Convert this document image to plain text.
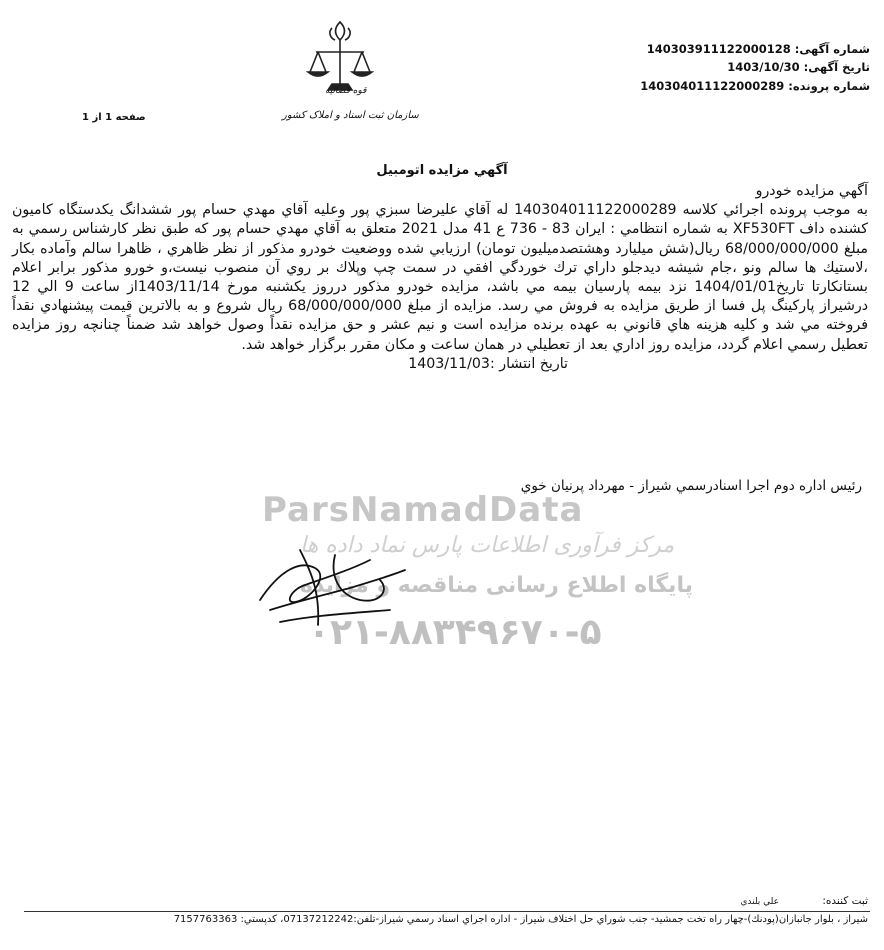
قوه قضائیه
سازمان ثبت اسناد و املاک کشور
شماره آگهی: 140303911122000128
تاریخ آگهی: 1403/10/30
شماره پرونده: 140304011122000289
صفحه 1 از 1
آگهي مزايده اتومبيل
ParsNamadData
مرکز فرآوری اطلاعات پارس نماد داده ها
پایگاه اطلاع رسانی مناقصه و مزایده
۰۲۱-۸۸۳۴۹۶۷۰-۵

آگهي مزايده خودرو

به موجب پرونده اجرائي كلاسه 140304011122000289 له آقاي عليرضا سبزي پور وعليه آقاي مهدي حسام پور ششدانگ يكدستگاه كاميون كشنده داف XF530FT به شماره انتظامي : ايران 83 - 736 ع 41 مدل 2021 متعلق به آقاي مهدي حسام پور كه طبق نظر كارشناس رسمي به مبلغ 68/000/000/000 ريال(شش ميليارد وهشتصدميليون تومان) ارزيابي شده ووضعيت خودرو مذكور از نظر ظاهري ، ظاهرا سالم وآماده بكار ،لاستيك ها سالم ونو ،جام شيشه ديدجلو داراي ترك خوردگي افقي در سمت چپ وپلاك بر روي آن منصوب نيست،و خورو مذكور برابر اعلام بستانكارتا تاريخ1404/01/01 نزد بيمه پارسيان بيمه مي باشد، مزايده خودرو مذكور درروز يكشنبه مورخ 1403/11/14از ساعت 9 الي 12 درشيراز پاركينگ پل فسا از طريق مزايده به فروش مي رسد. مزايده از مبلغ 68/000/000/000 ريال شروع و به بالاترين قيمت پيشنهادي نقداً فروخته مي شد و كليه هزينه هاي قانوني به عهده برنده مزايده است و نيم عشر و حق مزايده نقداً وصول خواهد شد ضمناً چنانچه روز مزايده تعطيل رسمي اعلام گردد، مزايده روز اداري بعد از تعطيلي در همان ساعت و مكان مقرر برگزار خواهد شد.

تاريخ انتشار :1403/11/03

رئيس اداره دوم اجرا اسنادرسمي شيراز - مهرداد پرنيان خوي
ثبت كننده: علي بلندي
شيراز ، بلوار جانبازان(پودنك)-چهار راه تخت جمشيد- جنب شوراي حل اختلاف شيراز - اداره اجراي اسناد رسمي شيراز-تلفن:07137212242، كدپستي: 7157763363
